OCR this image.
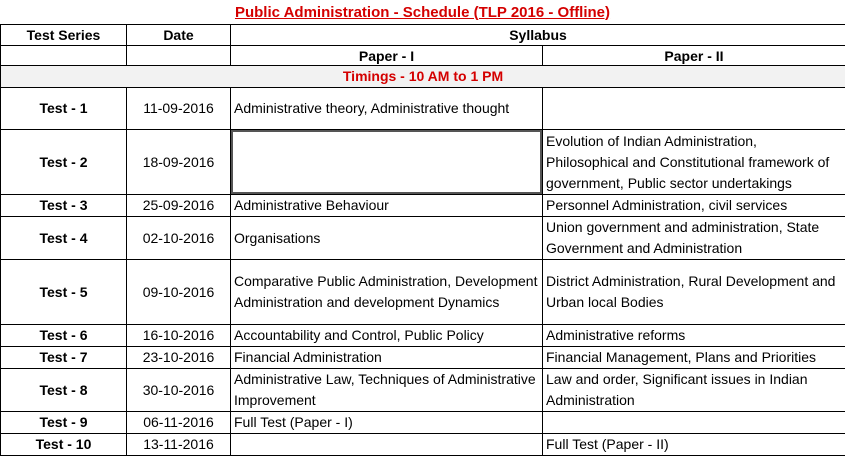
Public Administration - Schedule (TLP 2016 - Offline)
Test Series	Date	Syllabus	
		Paper - I	Paper - II
Timings - 10 AM to 1 PM			
Test - 1	11-09-2016	Administrative theory, Administrative thought	
Test - 2	18-09-2016		Evolution of Indian Administration, Philosophical and Constitutional framework of government, Public sector undertakings
Test - 3	25-09-2016	Administrative Behaviour	Personnel Administration, civil services
Test - 4	02-10-2016	Organisations	Union government and administration, State Government and Administration
Test - 5	09-10-2016	Comparative Public Administration, Development Administration and development Dynamics	District Administration, Rural Development and Urban local Bodies
Test - 6	16-10-2016	Accountability and Control, Public Policy	Administrative reforms
Test - 7	23-10-2016	Financial Administration	Financial Management, Plans and Priorities
Test - 8	30-10-2016	Administrative Law, Techniques of Administrative Improvement	Law and order, Significant issues in Indian Administration
Test - 9	06-11-2016	Full Test (Paper - I)	
Test - 10	13-11-2016		Full Test (Paper - II)
